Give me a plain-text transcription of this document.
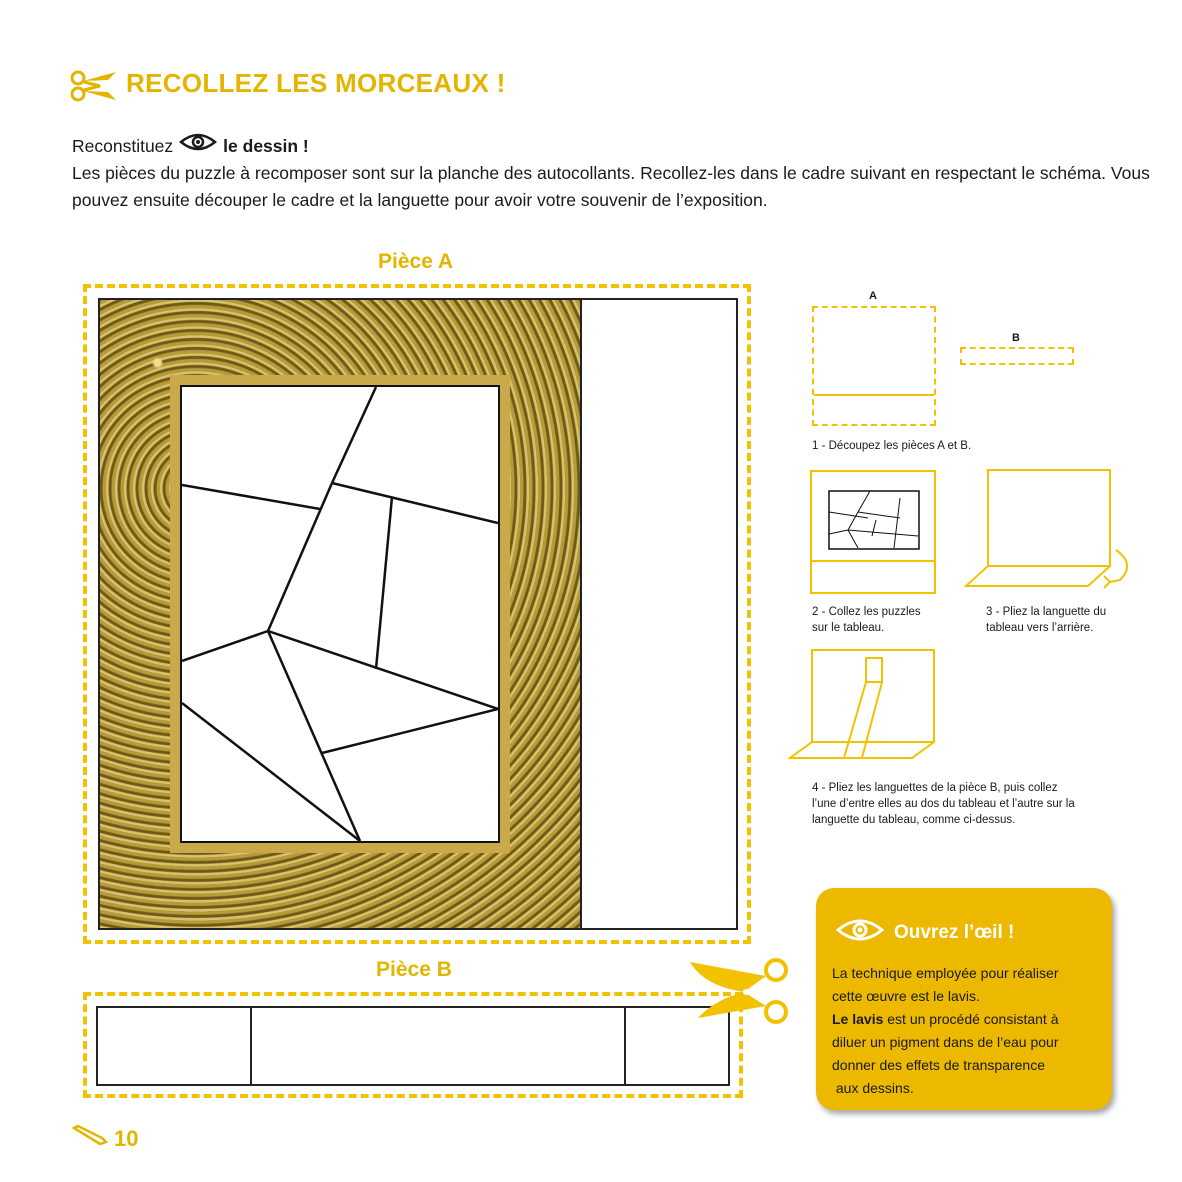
RECOLLEZ LES MORCEAUX !
Reconstituez	le dessin !
Les pièces du puzzle à recomposer sont sur la planche des autocollants. Recollez-les dans le cadre suivant en respectant le schéma. Vous pouvez ensuite découper le cadre et la languette pour avoir votre souvenir de l’exposition.
Pièce A
Pièce B
A
B
1 - Découpez les pièces A et B.
2 - Collez les puzzles
sur le tableau.
3 - Pliez la languette du
tableau vers l’arrière.
4 - Pliez les languettes de la pièce B, puis collez
l’une d’entre elles au dos du tableau et l’autre sur la
languette du tableau, comme ci-dessus.
Ouvrez l’œil !
La technique employée pour réaliser
cette œuvre est le lavis.
Le lavis est un procédé consistant à
diluer un pigment dans de l’eau pour
donner des effets de transparence
aux dessins.
10
